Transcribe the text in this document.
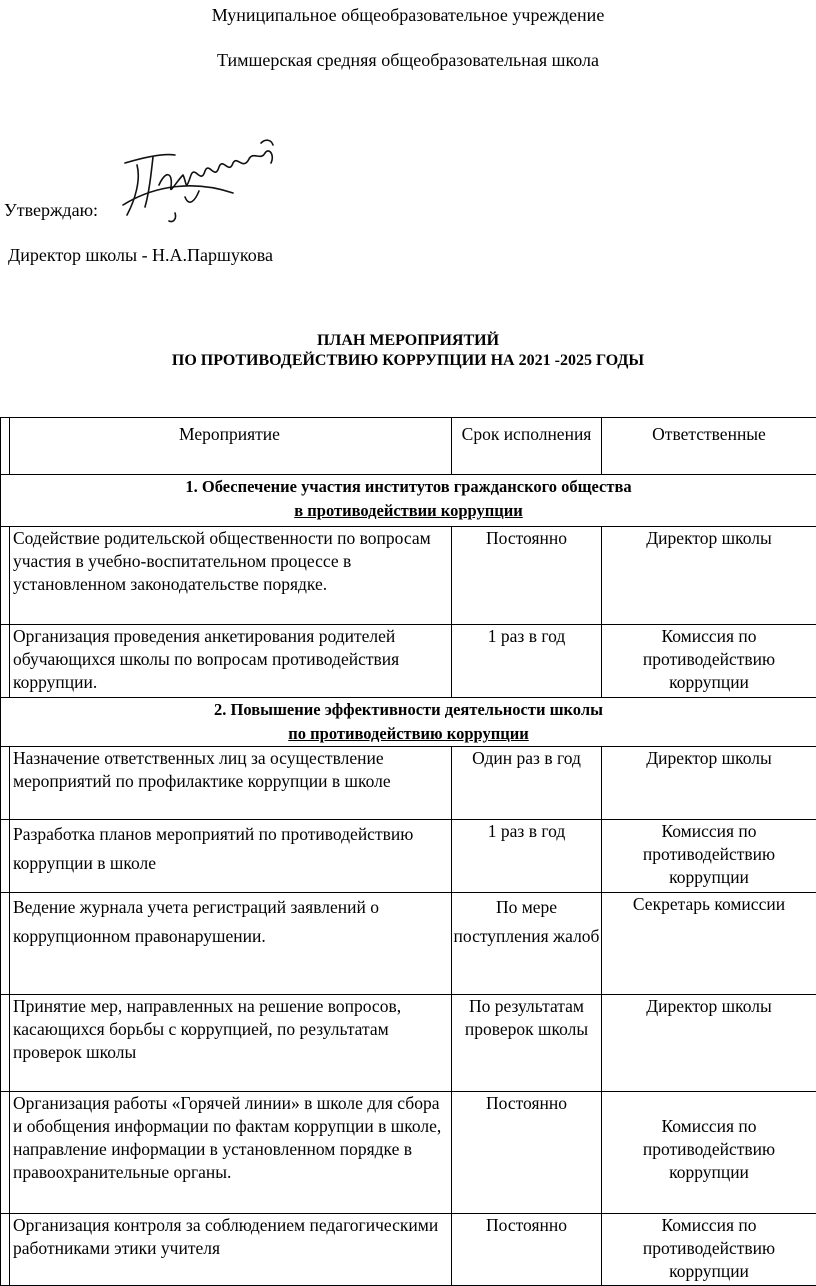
Муниципальное общеобразовательное учреждение
Тимшерская средняя общеобразовательная школа
Утверждаю:
Директор школы - Н.А.Паршукова
ПЛАН МЕРОПРИЯТИЙ
ПО ПРОТИВОДЕЙСТВИЮ КОРРУПЦИИ НА 2021 -2025 ГОДЫ
	Мероприятие	Срок исполнения	Ответственные

1. Обеспечение участия институтов гражданского общества
в противодействии коррупции			

	Содействие родительской общественности по вопросам участия в учебно-воспитательном процессе в установленном законодательстве порядке.	Постоянно	Директор школы
	Организация проведения анкетирования родителей обучающихся школы по вопросам противодействия коррупции.	1 раз в год	Комиссия по противодействию коррупции

2. Повышение эффективности деятельности школы
по противодействию коррупции			

	Назначение ответственных лиц за осуществление мероприятий по профилактике коррупции в школе	Один раз в год	Директор школы
	Разработка планов мероприятий по противодействию коррупции в школе	1 раз в год	Комиссия по противодействию коррупции
	Ведение журнала учета регистраций заявлений о коррупционном правонарушении.	По мере поступления жалоб	Секретарь комиссии
	Принятие мер, направленных на решение вопросов, касающихся борьбы с коррупцией, по результатам проверок школы	По результатам проверок школы	Директор школы
	Организация работы «Горячей линии» в школе для сбора и обобщения информации по фактам коррупции в школе, направление информации в установленном порядке в правоохранительные органы.	Постоянно	Комиссия по противодействию коррупции
	Организация контроля за соблюдением педагогическими работниками этики учителя	Постоянно	Комиссия по противодействию коррупции
